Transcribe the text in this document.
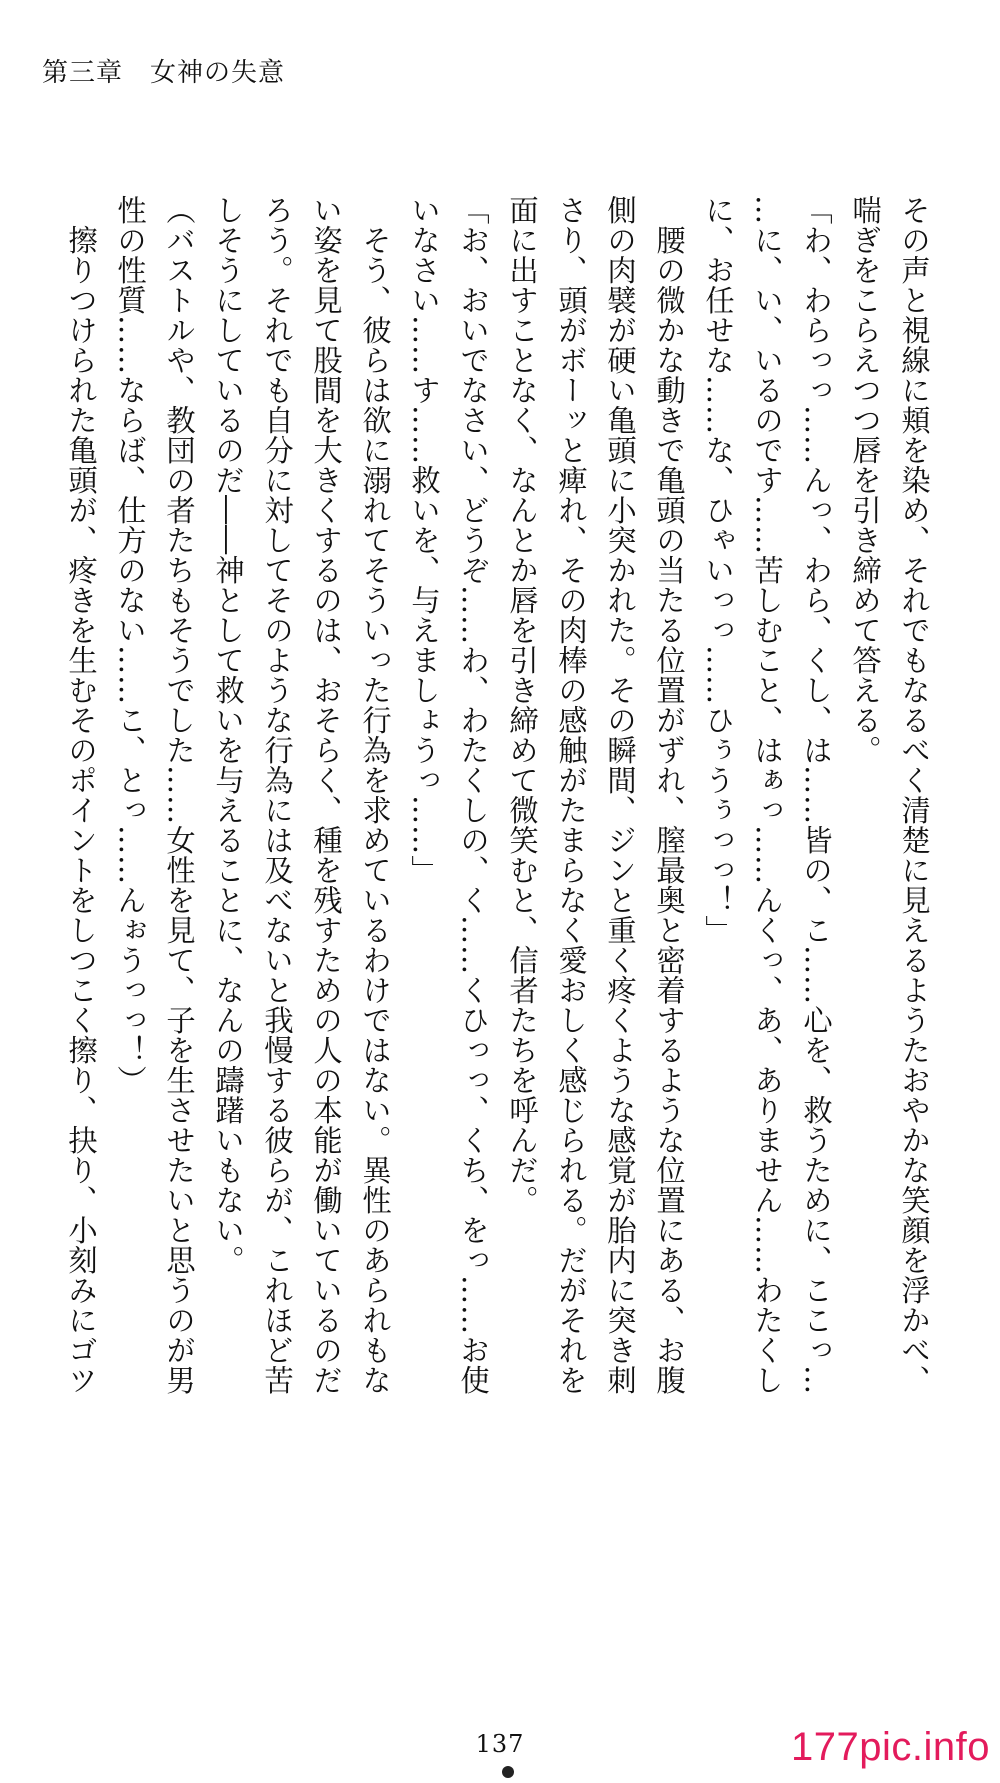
第三章　女神の失意
その声と視線に頬を染め、それでもなるべく清楚に見えるようたおやかな笑顔を浮かべ、
喘ぎをこらえつつ唇を引き締めて答える。
「わ、わらっっ……んっ、わら、くし、は……皆の、こ……心を、救うために、ここっ…
…に、い、いるのです……苦しむこと、はぁっ……んくっ、あ、ありません……わたくし
に、お任せな……な、ひゃいっっ……ひぅうぅっっ！」
　腰の微かな動きで亀頭の当たる位置がずれ、膣最奥と密着するような位置にある、お腹
側の肉襞が硬い亀頭に小突かれた。その瞬間、ジンと重く疼くような感覚が胎内に突き刺
さり、頭がボーッと痺れ、その肉棒の感触がたまらなく愛おしく感じられる。だがそれを
面に出すことなく、なんとか唇を引き締めて微笑むと、信者たちを呼んだ。
「お、おいでなさい、どうぞ……わ、わたくしの、く……くひっっ、くち、をっ……お使
いなさい……す……救いを、与えましょうっ……」
　そう、彼らは欲に溺れてそういった行為を求めているわけではない。異性のあられもな
い姿を見て股間を大きくするのは、おそらく、種を残すための人の本能が働いているのだ
ろう。それでも自分に対してそのような行為には及べないと我慢する彼らが、これほど苦
しそうにしているのだ――神として救いを与えることに、なんの躊躇いもない。
（バストルや、教団の者たちもそうでした……女性を見て、子を生させたいと思うのが男
性の性質……ならば、仕方のない……こ、とっ……んぉうっっ！）
　擦りつけられた亀頭が、疼きを生むそのポイントをしつこく擦り、抉り、小刻みにゴツ
137	177pic.info
